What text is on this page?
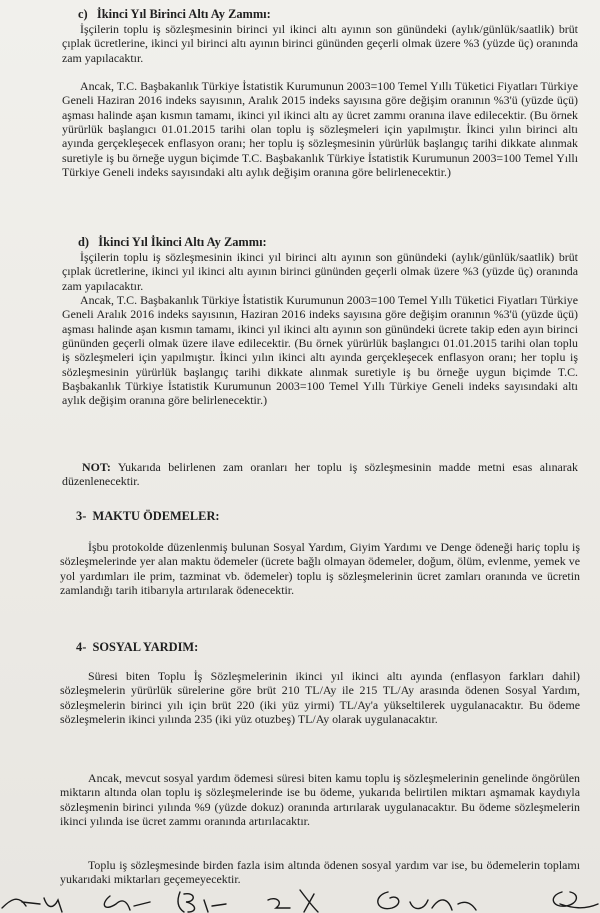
c)   İkinci Yıl Birinci Altı Ay Zammı:
İşçilerin toplu iş sözleşmesinin birinci yıl ikinci altı ayının son günündeki (aylık/günlük/saatlik) brüt çıplak ücretlerine, ikinci yıl birinci altı ayının birinci gününden geçerli olmak üzere %3 (yüzde üç) oranında zam yapılacaktır.
Ancak, T.C. Başbakanlık Türkiye İstatistik Kurumunun 2003=100 Temel Yıllı Tüketici Fiyatları Türkiye Geneli Haziran 2016 indeks sayısının, Aralık 2015 indeks sayısına göre değişim oranının %3'ü (yüzde üçü) aşması halinde aşan kısmın tamamı, ikinci yıl ikinci altı ay ücret zammı oranına ilave edilecektir. (Bu örnek yürürlük başlangıcı 01.01.2015 tarihi olan toplu iş sözleşmeleri için yapılmıştır. İkinci yılın birinci altı ayında gerçekleşecek enflasyon oranı; her toplu iş sözleşmesinin yürürlük başlangıç tarihi dikkate alınmak suretiyle iş bu örneğe uygun biçimde T.C. Başbakanlık Türkiye İstatistik Kurumunun 2003=100 Temel Yıllı Türkiye Geneli indeks sayısındaki altı aylık değişim oranına göre belirlenecektir.)
d)   İkinci Yıl İkinci Altı Ay Zammı:
İşçilerin toplu iş sözleşmesinin ikinci yıl birinci altı ayının son günündeki (aylık/günlük/saatlik) brüt çıplak ücretlerine, ikinci yıl ikinci altı ayının birinci gününden geçerli olmak üzere %3 (yüzde üç) oranında zam yapılacaktır.
Ancak, T.C. Başbakanlık Türkiye İstatistik Kurumunun 2003=100 Temel Yıllı Tüketici Fiyatları Türkiye Geneli Aralık 2016 indeks sayısının, Haziran 2016 indeks sayısına göre değişim oranının %3'ü (yüzde üçü) aşması halinde aşan kısmın tamamı, ikinci yıl ikinci altı ayının son günündeki ücrete takip eden ayın birinci gününden geçerli olmak üzere ilave edilecektir. (Bu örnek yürürlük başlangıcı 01.01.2015 tarihi olan toplu iş sözleşmeleri için yapılmıştır. İkinci yılın ikinci altı ayında gerçekleşecek enflasyon oranı; her toplu iş sözleşmesinin yürürlük başlangıç tarihi dikkate alınmak suretiyle iş bu örneğe uygun biçimde T.C. Başbakanlık Türkiye İstatistik Kurumunun 2003=100 Temel Yıllı Türkiye Geneli indeks sayısındaki altı aylık değişim oranına göre belirlenecektir.)
NOT: Yukarıda belirlenen zam oranları her toplu iş sözleşmesinin madde metni esas alınarak düzenlenecektir.
3-  MAKTU ÖDEMELER:
İşbu protokolde düzenlenmiş bulunan Sosyal Yardım, Giyim Yardımı ve Denge ödeneği hariç toplu iş sözleşmelerinde yer alan maktu ödemeler (ücrete bağlı olmayan ödemeler, doğum, ölüm, evlenme, yemek ve yol yardımları ile prim, tazminat vb. ödemeler) toplu iş sözleşmelerinin ücret zamları oranında ve ücretin zamlandığı tarih itibarıyla artırılarak ödenecektir.
4-  SOSYAL YARDIM:
Süresi biten Toplu İş Sözleşmelerinin ikinci yıl ikinci altı ayında (enflasyon farkları dahil) sözleşmelerin yürürlük sürelerine göre brüt 210 TL/Ay ile 215 TL/Ay arasında ödenen Sosyal Yardım, sözleşmelerin birinci yılı için brüt 220 (iki yüz yirmi) TL/Ay'a yükseltilerek uygulanacaktır. Bu ödeme sözleşmelerin ikinci yılında 235 (iki yüz otuzbeş) TL/Ay olarak uygulanacaktır.
Ancak, mevcut sosyal yardım ödemesi süresi biten kamu toplu iş sözleşmelerinin genelinde öngörülen miktarın altında olan toplu iş sözleşmelerinde ise bu ödeme, yukarıda belirtilen miktarı aşmamak kaydıyla sözleşmenin birinci yılında %9 (yüzde dokuz) oranında artırılarak uygulanacaktır. Bu ödeme sözleşmelerin ikinci yılında ise ücret zammı oranında artırılacaktır.
Toplu iş sözleşmesinde birden fazla isim altında ödenen sosyal yardım var ise, bu ödemelerin toplamı yukarıdaki miktarları geçemeyecektir.
